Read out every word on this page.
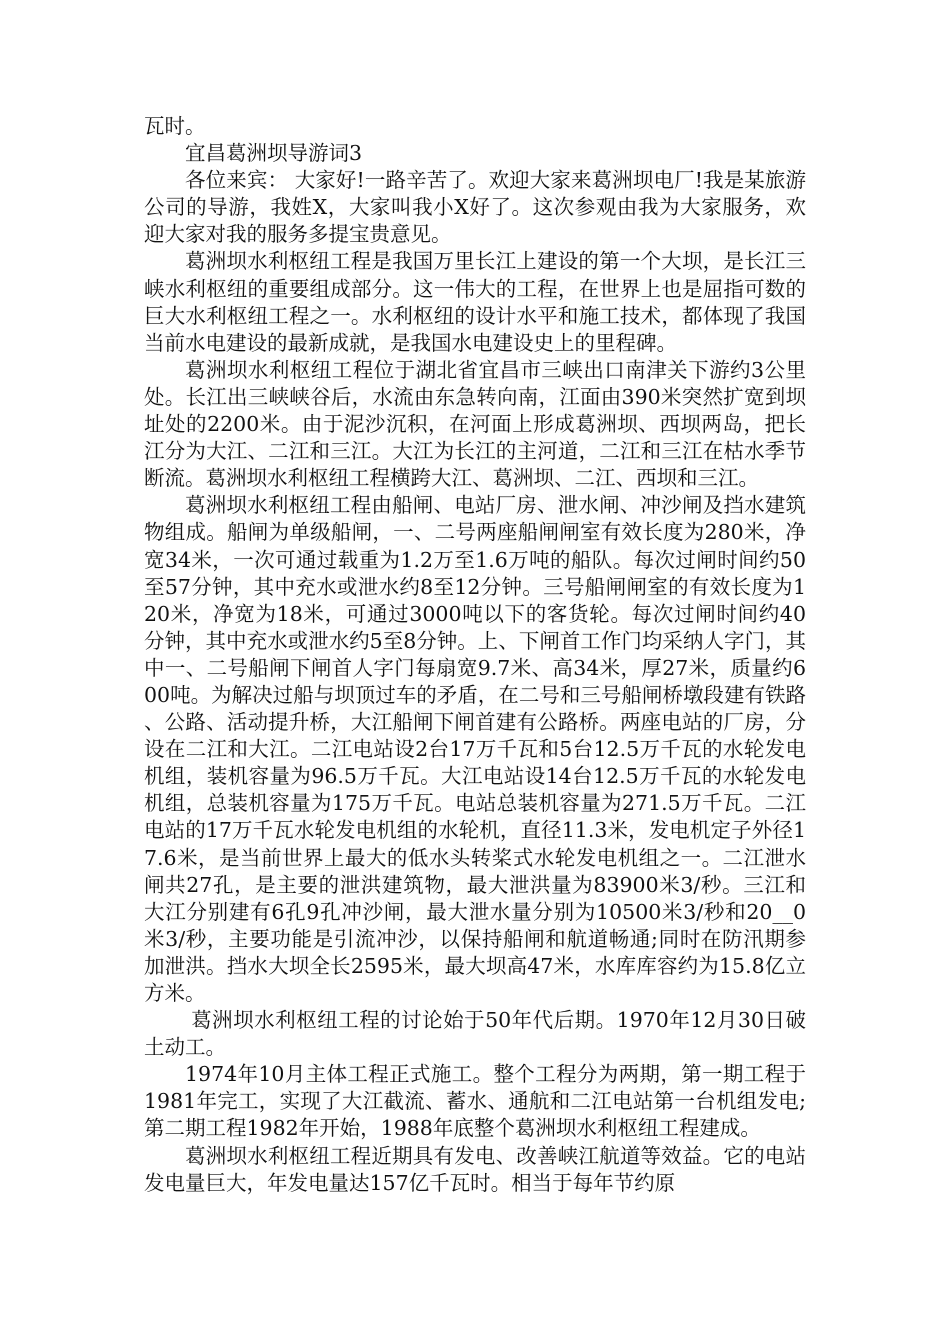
瓦时。

宜昌葛洲坝导游词3

各位来宾： 大家好!一路辛苦了。欢迎大家来葛洲坝电厂!我是某旅游公司的导游，我姓X，大家叫我小X好了。这次参观由我为大家服务，欢迎大家对我的服务多提宝贵意见。

葛洲坝水利枢纽工程是我国万里长江上建设的第一个大坝，是长江三峡水利枢纽的重要组成部分。这一伟大的工程，在世界上也是屈指可数的巨大水利枢纽工程之一。水利枢纽的设计水平和施工技术，都体现了我国当前水电建设的最新成就，是我国水电建设史上的里程碑。

葛洲坝水利枢纽工程位于湖北省宜昌市三峡出口南津关下游约3公里处。长江出三峡峡谷后，水流由东急转向南，江面由390米突然扩宽到坝址处的2200米。由于泥沙沉积，在河面上形成葛洲坝、西坝两岛，把长江分为大江、二江和三江。大江为长江的主河道，二江和三江在枯水季节断流。葛洲坝水利枢纽工程横跨大江、葛洲坝、二江、西坝和三江。

葛洲坝水利枢纽工程由船闸、电站厂房、泄水闸、冲沙闸及挡水建筑物组成。船闸为单级船闸，一、二号两座船闸闸室有效长度为280米，净宽34米，一次可通过载重为1.2万至1.6万吨的船队。每次过闸时间约50至57分钟，其中充水或泄水约8至12分钟。三号船闸闸室的有效长度为120米，净宽为18米，可通过3000吨以下的客货轮。每次过闸时间约40分钟，其中充水或泄水约5至8分钟。上、下闸首工作门均采纳人字门，其中一、二号船闸下闸首人字门每扇宽9.7米、高34米，厚27米，质量约600吨。为解决过船与坝顶过车的矛盾，在二号和三号船闸桥墩段建有铁路、公路、活动提升桥，大江船闸下闸首建有公路桥。两座电站的厂房，分设在二江和大江。二江电站设2台17万千瓦和5台12.5万千瓦的水轮发电机组，装机容量为96.5万千瓦。大江电站设14台12.5万千瓦的水轮发电机组，总装机容量为175万千瓦。电站总装机容量为271.5万千瓦。二江电站的17万千瓦水轮发电机组的水轮机，直径11.3米，发电机定子外径17.6米，是当前世界上最大的低水头转桨式水轮发电机组之一。二江泄水闸共27孔，是主要的泄洪建筑物，最大泄洪量为83900米3/秒。三江和大江分别建有6孔9孔冲沙闸，最大泄水量分别为10500米3/秒和20__0米3/秒，主要功能是引流冲沙，以保持船闸和航道畅通;同时在防汛期参加泄洪。挡水大坝全长2595米，最大坝高47米，水库库容约为15.8亿立方米。

葛洲坝水利枢纽工程的讨论始于50年代后期。1970年12月30日破土动工。

1974年10月主体工程正式施工。整个工程分为两期，第一期工程于1981年完工，实现了大江截流、蓄水、通航和二江电站第一台机组发电;第二期工程1982年开始，1988年底整个葛洲坝水利枢纽工程建成。

葛洲坝水利枢纽工程近期具有发电、改善峡江航道等效益。它的电站发电量巨大，年发电量达157亿千瓦时。相当于每年节约原
